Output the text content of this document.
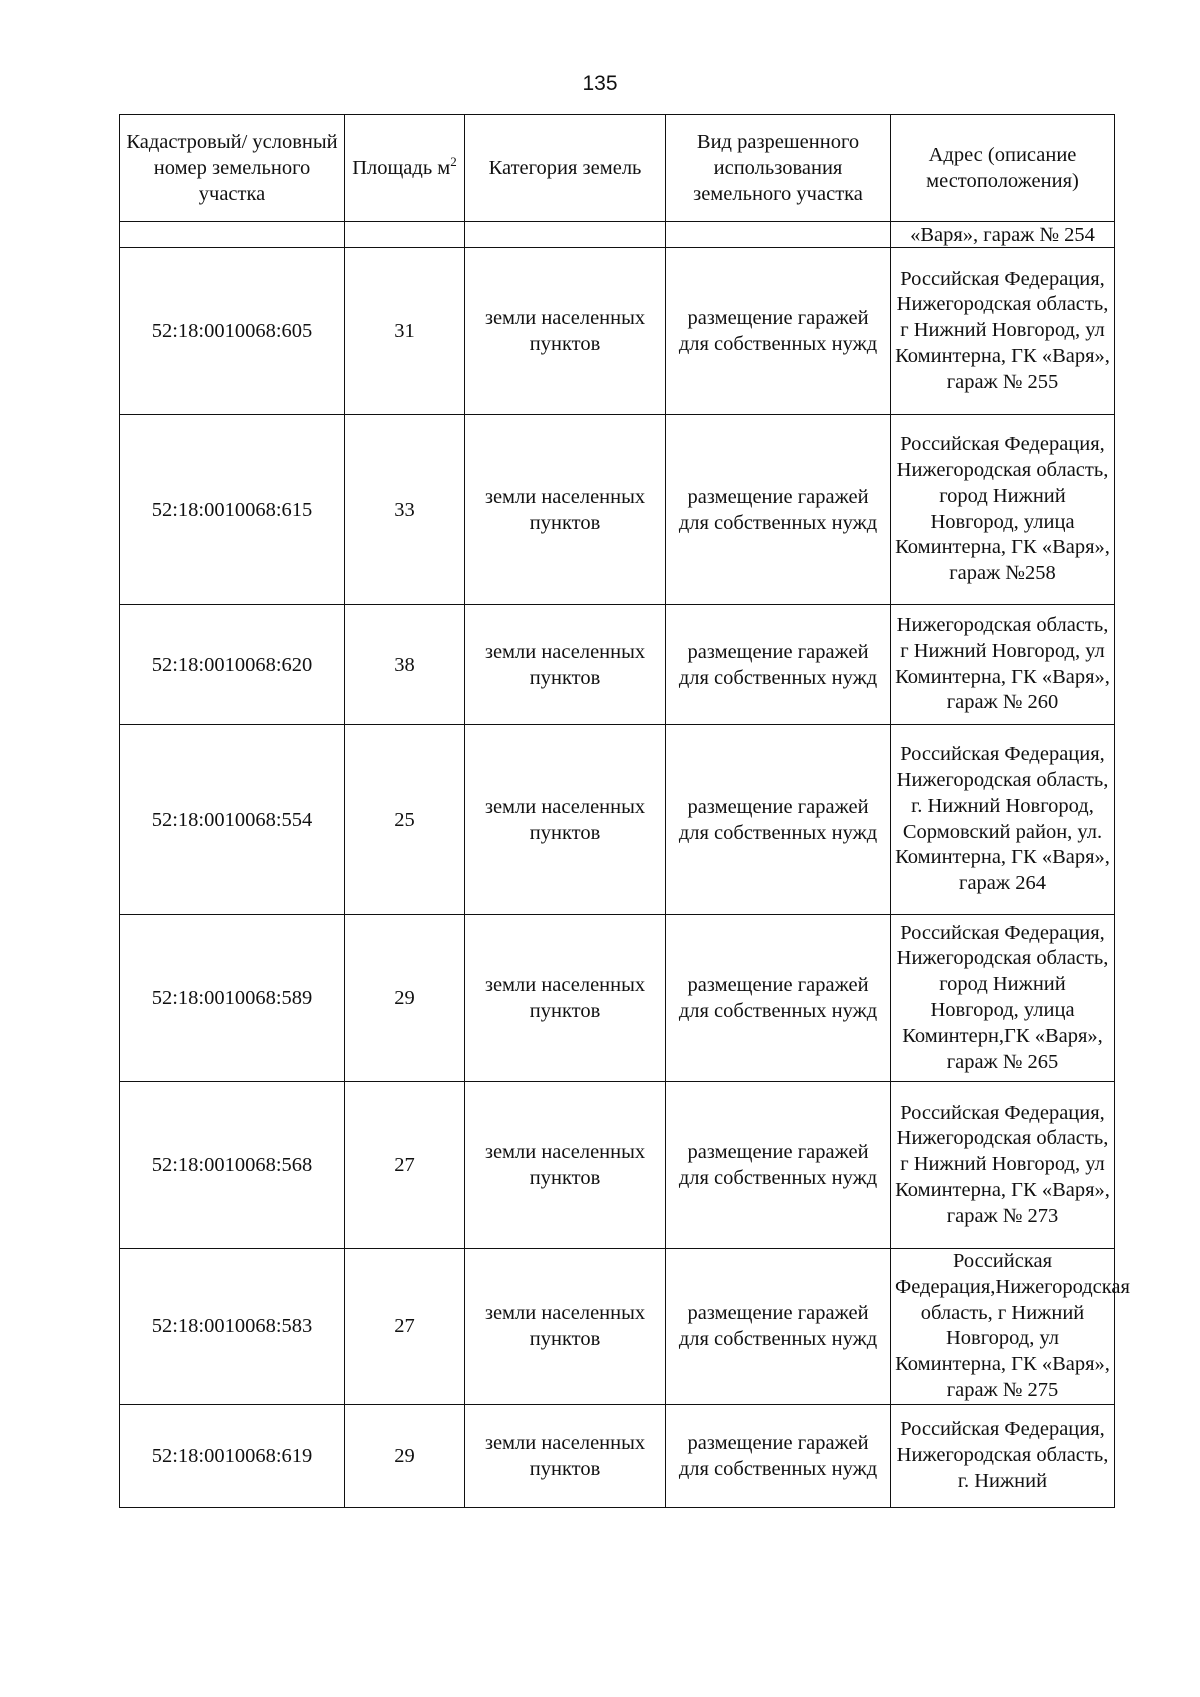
135
Кадастровый/ условный номер земельного участка	Площадь $м^2$	Категория земель	Вид разрешенного использования земельного участка	Адрес (описание местоположения)
				«Варя», гараж № 254
52:18:0010068:605	31	земли населенных пунктов	размещение гаражей для собственных нужд	Российская Федерация, Нижегородская область, г Нижний Новгород, ул Коминтерна, ГК «Варя», гараж № 255
52:18:0010068:615	33	земли населенных пунктов	размещение гаражей для собственных нужд	Российская Федерация, Нижегородская область, город Нижний Новгород, улица Коминтерна, ГК «Варя», гараж №258
52:18:0010068:620	38	земли населенных пунктов	размещение гаражей для собственных нужд	Нижегородская область, г Нижний Новгород, ул Коминтерна, ГК «Варя», гараж № 260
52:18:0010068:554	25	земли населенных пунктов	размещение гаражей для собственных нужд	Российская Федерация, Нижегородская область, г. Нижний Новгород, Сормовский район, ул. Коминтерна, ГК «Варя», гараж 264
52:18:0010068:589	29	земли населенных пунктов	размещение гаражей для собственных нужд	Российская Федерация, Нижегородская область, город Нижний Новгород, улица Коминтерн,ГК «Варя», гараж № 265
52:18:0010068:568	27	земли населенных пунктов	размещение гаражей для собственных нужд	Российская Федерация, Нижегородская область, г Нижний Новгород, ул Коминтерна, ГК «Варя», гараж № 273
52:18:0010068:583	27	земли населенных пунктов	размещение гаражей для собственных нужд	Российская Федерация,Нижегородская область, г Нижний Новгород, ул Коминтерна, ГК «Варя», гараж № 275
52:18:0010068:619	29	земли населенных пунктов	размещение гаражей для собственных нужд	Российская Федерация, Нижегородская область, г. Нижний
